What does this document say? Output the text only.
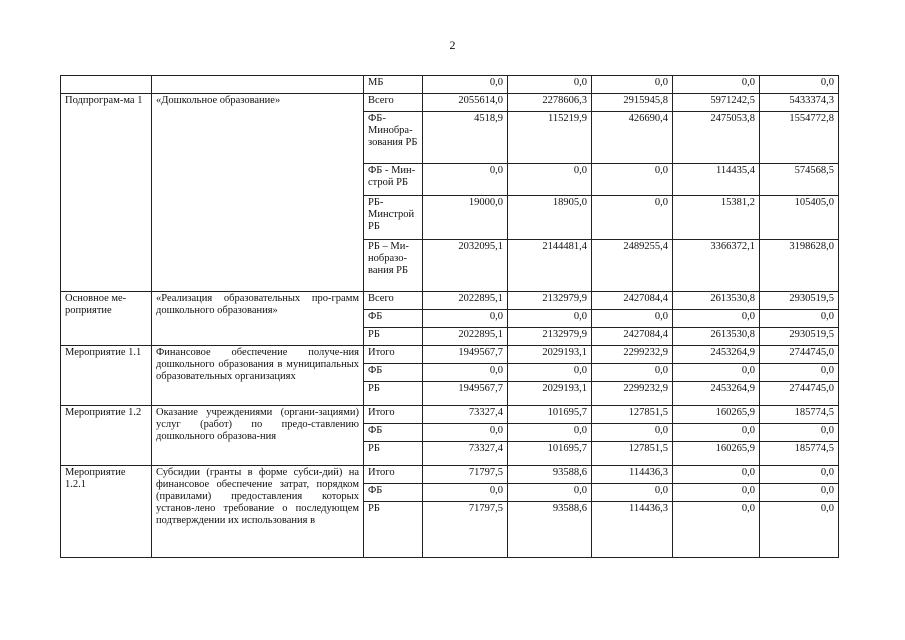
2
		МБ	0,0	0,0	0,0	0,0	0,0
Подпрограм-ма 1	«Дошкольное образование»	Всего	2055614,0	2278606,3	2915945,8	5971242,5	5433374,3
		ФБ-Минобра-зования РБ	4518,9	115219,9	426690,4	2475053,8	1554772,8
		ФБ - Мин-строй РБ	0,0	0,0	0,0	114435,4	574568,5
		РБ-Минстрой РБ	19000,0	18905,0	0,0	15381,2	105405,0
		РБ – Ми-нобразо-вания РБ	2032095,1	2144481,4	2489255,4	3366372,1	3198628,0
Основное ме-роприятие	«Реализация образовательных про-грамм дошкольного образования»	Всего	2022895,1	2132979,9	2427084,4	2613530,8	2930519,5
		ФБ	0,0	0,0	0,0	0,0	0,0
		РБ	2022895,1	2132979,9	2427084,4	2613530,8	2930519,5
Мероприятие 1.1	Финансовое обеспечение получе-ния дошкольного образования в муниципальных образовательных организациях	Итого	1949567,7	2029193,1	2299232,9	2453264,9	2744745,0
		ФБ	0,0	0,0	0,0	0,0	0,0
		РБ	1949567,7	2029193,1	2299232,9	2453264,9	2744745,0
Мероприятие 1.2	Оказание учреждениями (органи-зациями) услуг (работ) по предо-ставлению дошкольного образова-ния	Итого	73327,4	101695,7	127851,5	160265,9	185774,5
		ФБ	0,0	0,0	0,0	0,0	0,0
		РБ	73327,4	101695,7	127851,5	160265,9	185774,5
Мероприятие 1.2.1	Субсидии (гранты в форме субси-дий) на финансовое обеспечение затрат, порядком (правилами) предоставления которых установ-лено требование о последующем подтверждении их использования в	Итого	71797,5	93588,6	114436,3	0,0	0,0
		ФБ	0,0	0,0	0,0	0,0	0,0
		РБ	71797,5	93588,6	114436,3	0,0	0,0
